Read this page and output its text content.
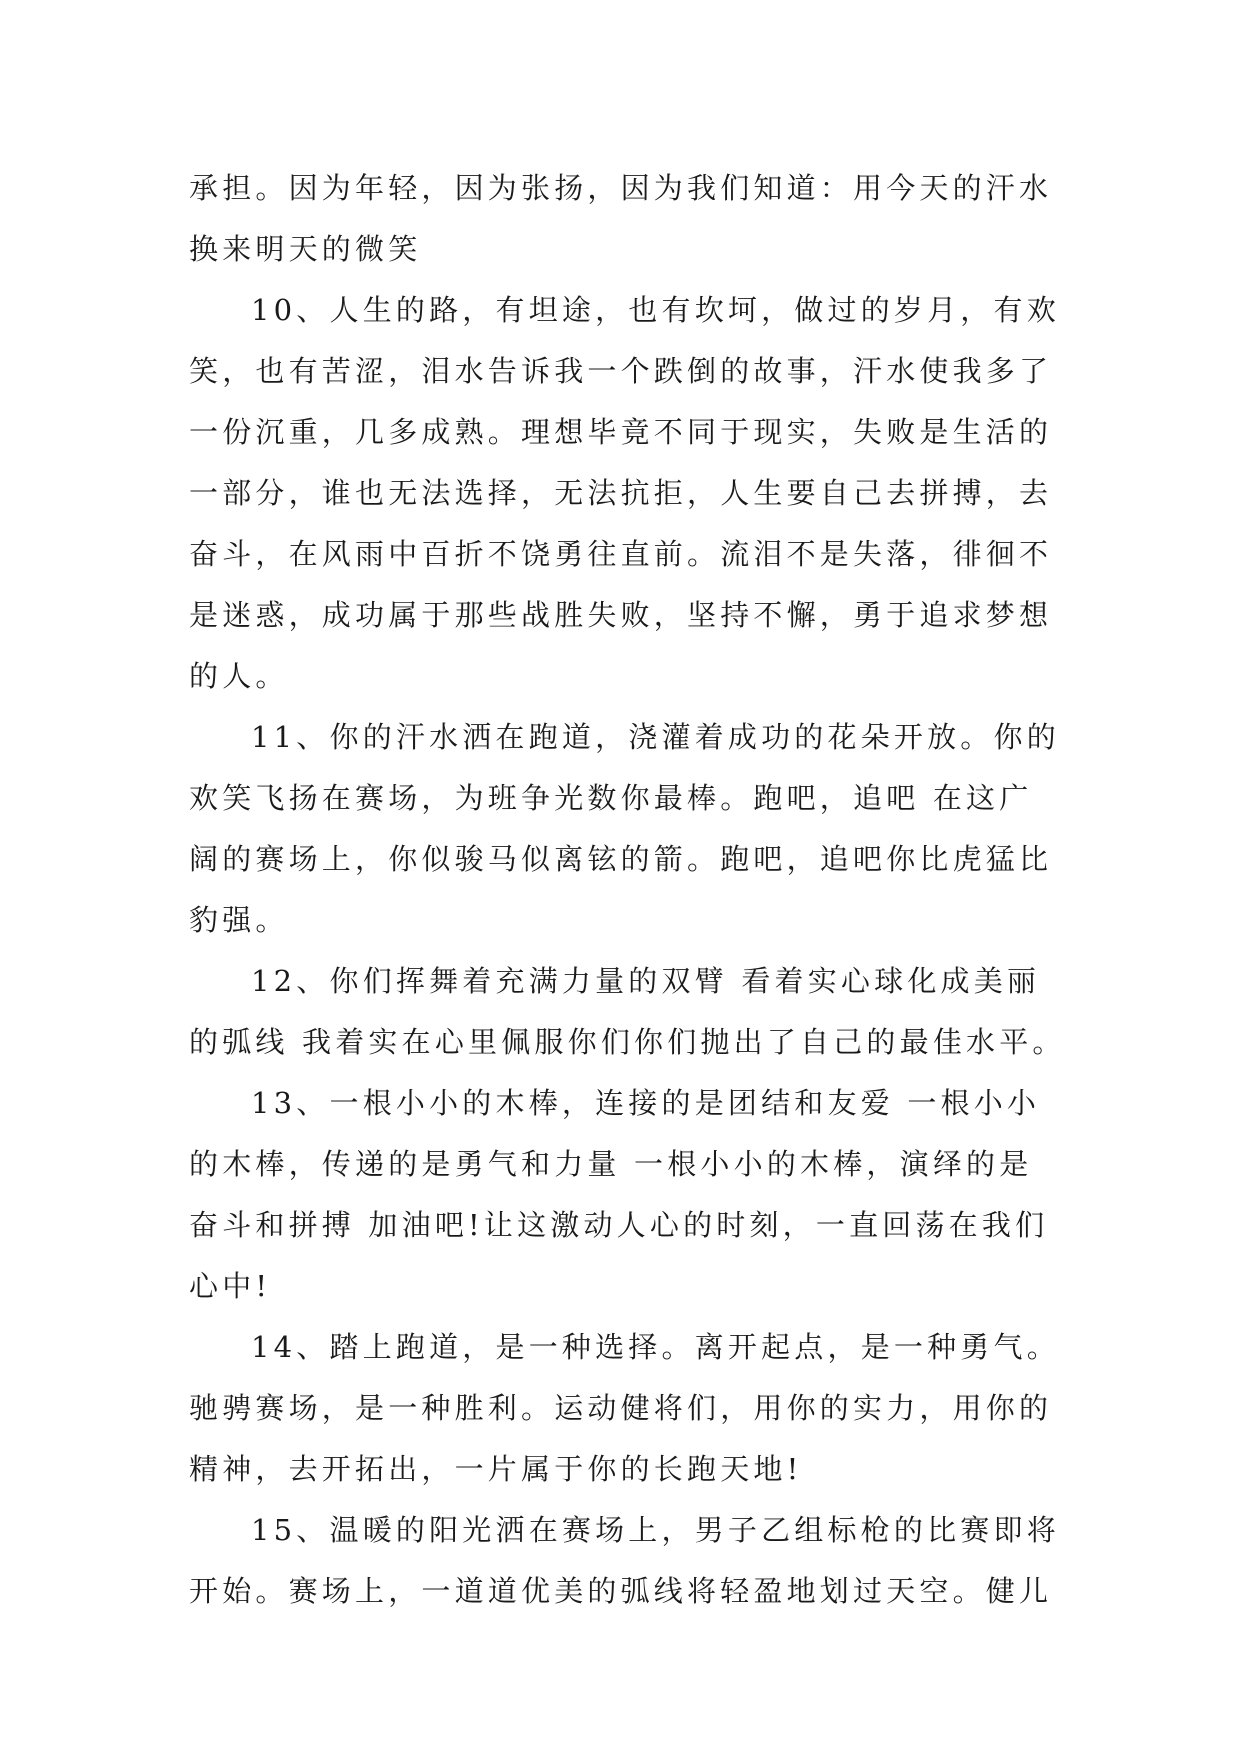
承担。因为年轻，因为张扬，因为我们知道：用今天的汗水
换来明天的微笑
10、人生的路，有坦途，也有坎坷，做过的岁月，有欢
笑，也有苦涩，泪水告诉我一个跌倒的故事，汗水使我多了
一份沉重，几多成熟。理想毕竟不同于现实，失败是生活的
一部分，谁也无法选择，无法抗拒，人生要自己去拼搏，去
奋斗，在风雨中百折不饶勇往直前。流泪不是失落，徘徊不
是迷惑，成功属于那些战胜失败，坚持不懈，勇于追求梦想
的人。
11、你的汗水洒在跑道，浇灌着成功的花朵开放。你的
欢笑飞扬在赛场，为班争光数你最棒。跑吧，追吧 在这广
阔的赛场上，你似骏马似离铉的箭。跑吧，追吧你比虎猛比
豹强。
12、你们挥舞着充满力量的双臂 看着实心球化成美丽
的弧线 我着实在心里佩服你们你们抛出了自己的最佳水平。
13、一根小小的木棒，连接的是团结和友爱 一根小小
的木棒，传递的是勇气和力量 一根小小的木棒，演绎的是
奋斗和拼搏 加油吧!让这激动人心的时刻，一直回荡在我们
心中!
14、踏上跑道，是一种选择。离开起点，是一种勇气。
驰骋赛场，是一种胜利。运动健将们，用你的实力，用你的
精神，去开拓出，一片属于你的长跑天地!
15、温暖的阳光洒在赛场上，男子乙组标枪的比赛即将
开始。赛场上，一道道优美的弧线将轻盈地划过天空。健儿
